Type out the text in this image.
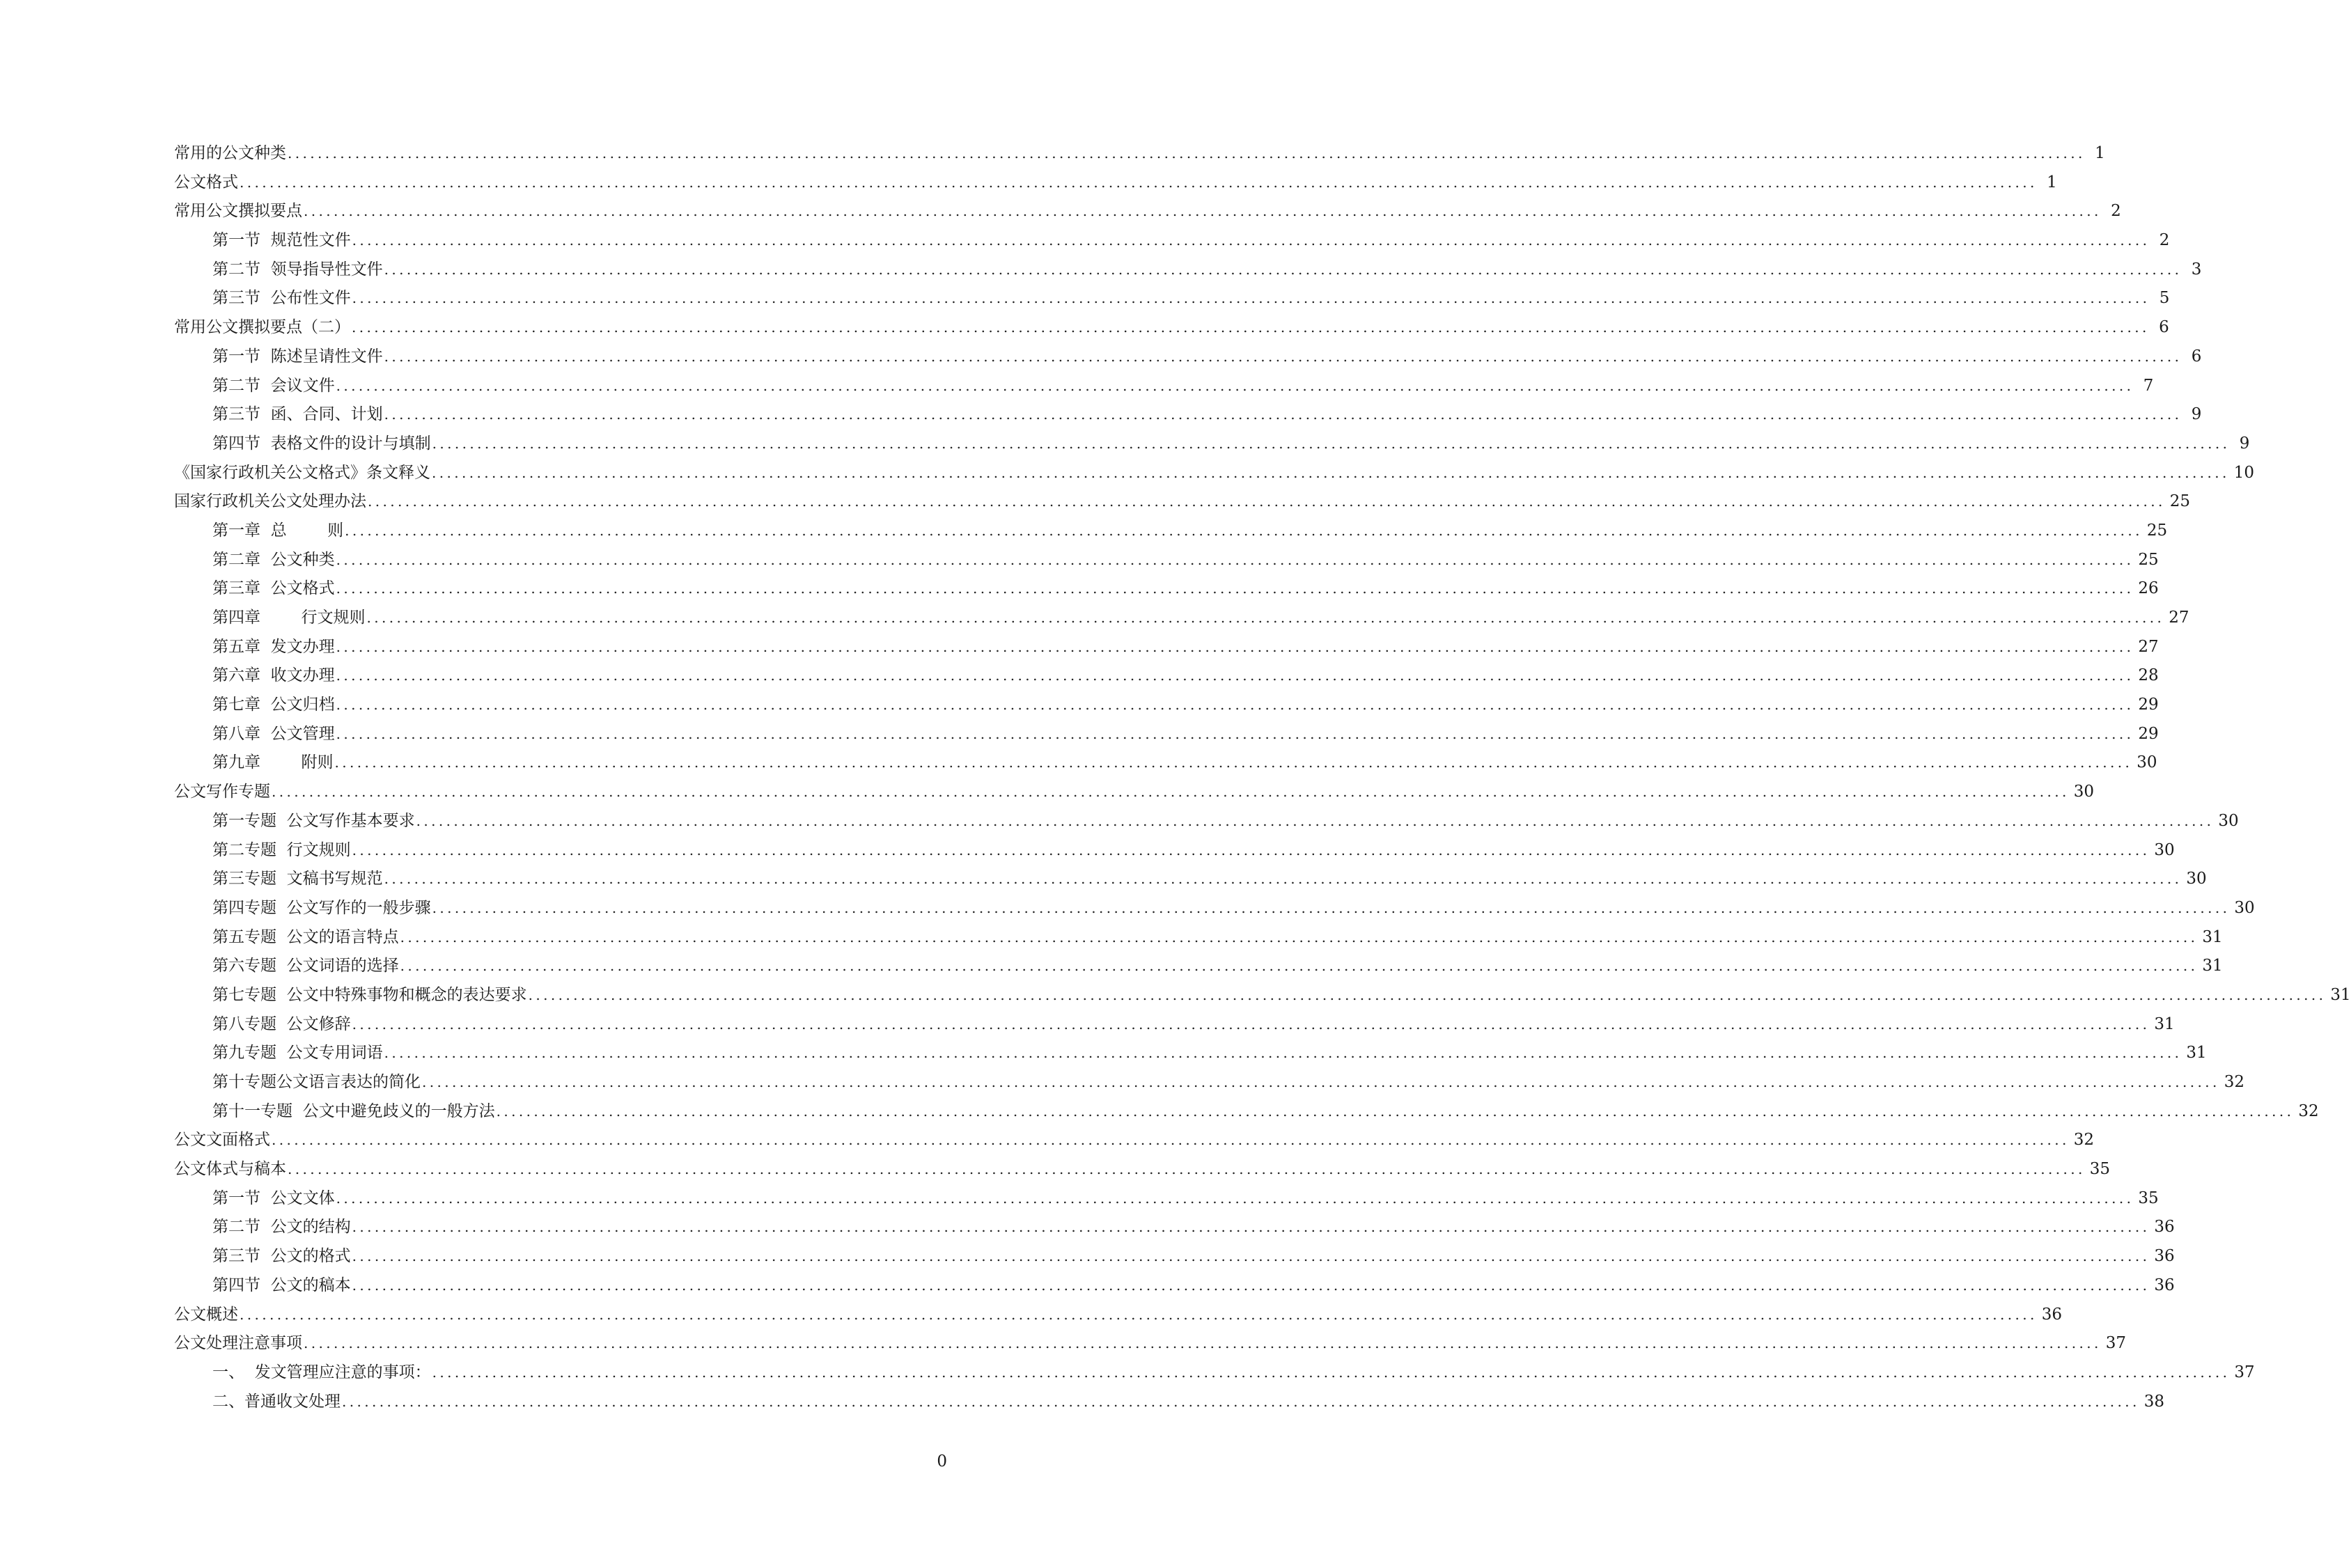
常用的公文种类 ................................................................................................................................................................................................................................................ 1
公文格式 ................................................................................................................................................................................................................................................ 1
常用公文撰拟要点 ................................................................................................................................................................................................................................................ 2
第一节  规范性文件 ................................................................................................................................................................................................................................................ 2
第二节  领导指导性文件 ................................................................................................................................................................................................................................................ 3
第三节  公布性文件 ................................................................................................................................................................................................................................................ 5
常用公文撰拟要点（二） ................................................................................................................................................................................................................................................ 6
第一节  陈述呈请性文件 ................................................................................................................................................................................................................................................ 6
第二节  会议文件 ................................................................................................................................................................................................................................................ 7
第三节  函、合同、计划 ................................................................................................................................................................................................................................................ 9
第四节  表格文件的设计与填制 ................................................................................................................................................................................................................................................ 9
《国家行政机关公文格式》条文释义 ................................................................................................................................................................................................................................................ 10
国家行政机关公文处理办法 ................................................................................................................................................................................................................................................ 25
第一章  总        则 ................................................................................................................................................................................................................................................ 25
第二章  公文种类 ................................................................................................................................................................................................................................................ 25
第三章  公文格式 ................................................................................................................................................................................................................................................ 26
第四章        行文规则 ................................................................................................................................................................................................................................................ 27
第五章  发文办理 ................................................................................................................................................................................................................................................ 27
第六章  收文办理 ................................................................................................................................................................................................................................................ 28
第七章  公文归档 ................................................................................................................................................................................................................................................ 29
第八章  公文管理 ................................................................................................................................................................................................................................................ 29
第九章        附则 ................................................................................................................................................................................................................................................ 30
公文写作专题 ................................................................................................................................................................................................................................................ 30
第一专题  公文写作基本要求 ................................................................................................................................................................................................................................................ 30
第二专题  行文规则 ................................................................................................................................................................................................................................................ 30
第三专题  文稿书写规范 ................................................................................................................................................................................................................................................ 30
第四专题  公文写作的一般步骤 ................................................................................................................................................................................................................................................ 30
第五专题  公文的语言特点 ................................................................................................................................................................................................................................................ 31
第六专题  公文词语的选择 ................................................................................................................................................................................................................................................ 31
第七专题  公文中特殊事物和概念的表达要求 ................................................................................................................................................................................................................................................ 31
第八专题  公文修辞 ................................................................................................................................................................................................................................................ 31
第九专题  公文专用词语 ................................................................................................................................................................................................................................................ 31
第十专题公文语言表达的简化 ................................................................................................................................................................................................................................................ 32
第十一专题  公文中避免歧义的一般方法 ................................................................................................................................................................................................................................................ 32
公文文面格式 ................................................................................................................................................................................................................................................ 32
公文体式与稿本 ................................................................................................................................................................................................................................................ 35
第一节  公文文体 ................................................................................................................................................................................................................................................ 35
第二节  公文的结构 ................................................................................................................................................................................................................................................ 36
第三节  公文的格式 ................................................................................................................................................................................................................................................ 36
第四节  公文的稿本 ................................................................................................................................................................................................................................................ 36
公文概述 ................................................................................................................................................................................................................................................ 36
公文处理注意事项 ................................................................................................................................................................................................................................................ 37
一、  发文管理应注意的事项： ................................................................................................................................................................................................................................................ 37
二、普通收文处理 ................................................................................................................................................................................................................................................ 38
0
